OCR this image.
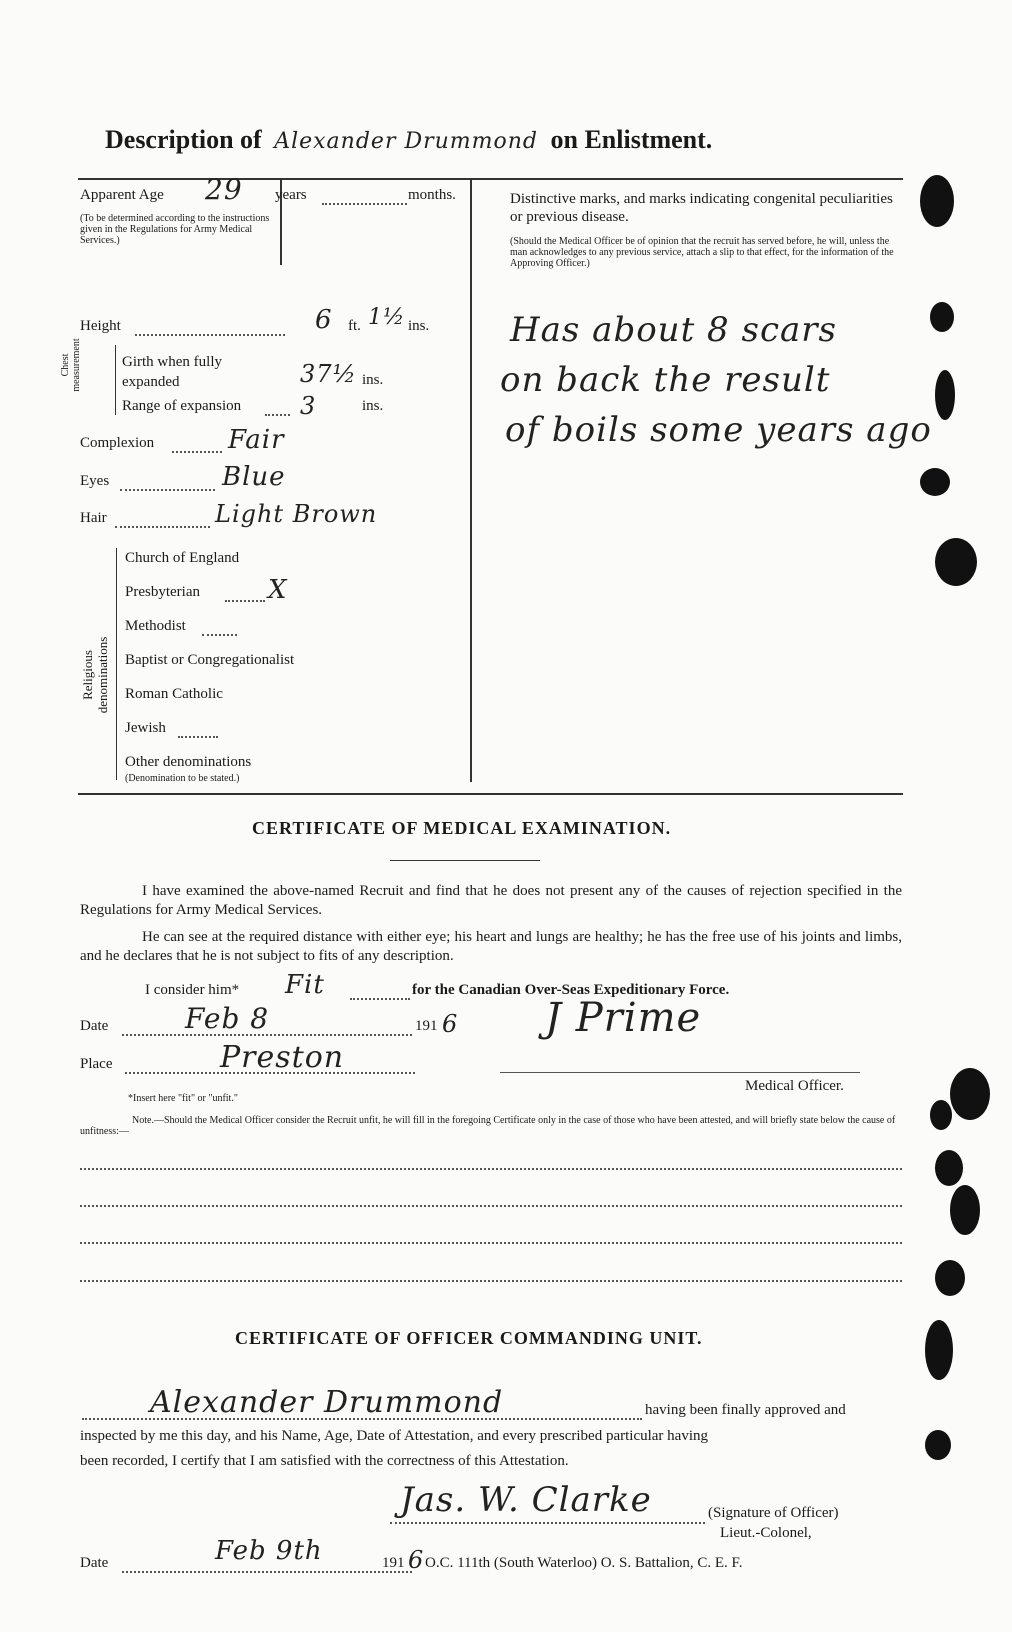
Description of Alexander Drummond on Enlistment.
Apparent Age 29 years	months.
(To be determined according to the instructions given in the Regulations for Army Medical Services.)
Height	6 ft. 1½ ins.
Chest measurement	Girth when fully expanded	37½ ins.
Range of expansion 3	ins.
Complexion	Fair
Eyes	Blue
Hair	Light Brown
Religious denominations
Church of England
Presbyterian	X
Methodist
Baptist or Congregationalist
Roman Catholic
Jewish
Other denominations
(Denomination to be stated.)
Distinctive marks, and marks indicating congenital peculiarities or previous disease.
(Should the Medical Officer be of opinion that the recruit has served before, he will, unless the man acknowledges to any previous service, attach a slip to that effect, for the information of the Approving Officer.)
Has about 8 scars
on back the result
of boils some years ago
CERTIFICATE OF MEDICAL EXAMINATION.
I have examined the above-named Recruit and find that he does not present any of the causes of rejection specified in the Regulations for Army Medical Services.
He can see at the required distance with either eye; his heart and lungs are healthy; he has the free use of his joints and limbs, and he declares that he is not subject to fits of any description.
I consider him* Fit	for the Canadian Over-Seas Expeditionary Force.
Date	Feb 8	191 6 J Prime
Place	Preston
Medical Officer.
*Insert here "fit" or "unfit."
Note.—Should the Medical Officer consider the Recruit unfit, he will fill in the foregoing Certificate only in the case of those who have been attested, and will briefly state below the cause of unfitness:—
CERTIFICATE OF OFFICER COMMANDING UNIT.
Alexander Drummond	having been finally approved and
inspected by me this day, and his Name, Age, Date of Attestation, and every prescribed particular having
been recorded, I certify that I am satisfied with the correctness of this Attestation.
Jas. W. Clarke	(Signature of Officer)
Lieut.-Colonel,
Date	Feb 9th	191 6 O.C. 111th (South Waterloo) O. S. Battalion, C. E. F.
